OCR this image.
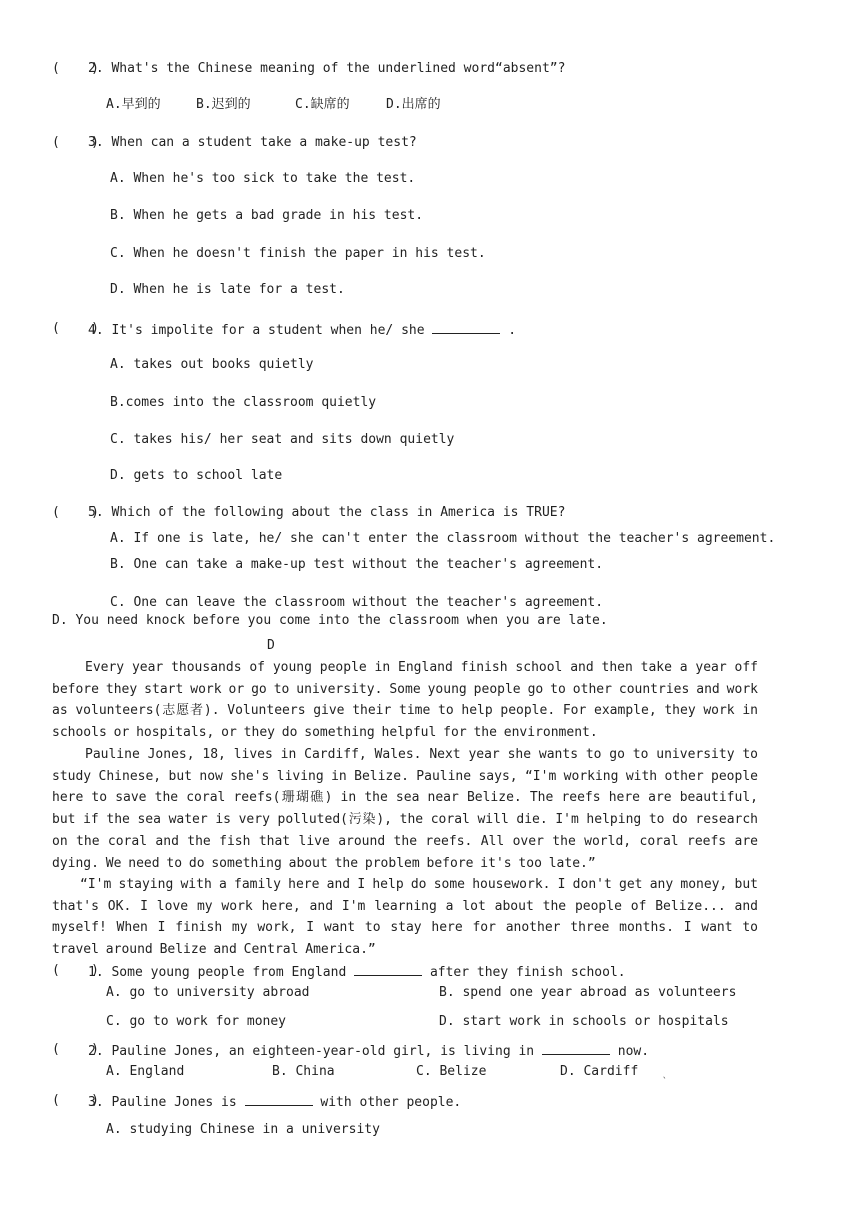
(    )
2. What's the Chinese meaning of the underlined word“absent”?
A.早到的	B.迟到的	C.缺席的	D.出席的
(    )
3. When can a student take a make-up test?
A. When he's too sick to take the test.
B. When he gets a bad grade in his test.
C. When he doesn't finish the paper in his test.
D. When he is late for a test.
(    )
4. It's impolite for a student when he/ she	.
A. takes out books quietly
B.comes into the classroom quietly
C. takes his/ her seat and sits down quietly
D. gets to school late
(    )
5. Which of the following about the class in America is TRUE?
A. If one is late, he/ she can't enter the classroom without the teacher's agreement.
B. One can take a make-up test without the teacher's agreement.
C. One can leave the classroom without the teacher's agreement.
D. You need knock before you come into the classroom when you are late.
D
Every year thousands of young people in England finish school and then take a year off
before they start work or go to university. Some young people go to other countries and work
as volunteers(志愿者). Volunteers give their time to help people. For example, they work in
schools or hospitals, or they do something helpful for the environment.
Pauline Jones, 18, lives in Cardiff, Wales. Next year she wants to go to university to
study Chinese, but now she's living in Belize. Pauline says, “I'm working with other people
here to save the coral reefs(珊瑚礁) in the sea near Belize. The reefs here are beautiful,
but if the sea water is very polluted(污染), the coral will die. I'm helping to do research
on the coral and the fish that live around the reefs. All over the world, coral reefs are
dying. We need to do something about the problem before it's too late.”
“I'm staying with a family here and I help do some housework. I don't get any money, but
that's OK. I love my work here, and I'm learning a lot about the people of Belize... and
myself! When I finish my work, I want to stay here for another three months. I want to
travel around Belize and Central America.”
(    )
1. Some young people from England	after they finish school.
A. go to university abroad	B. spend one year abroad as volunteers
C. go to work for money	D. start work in schools or hospitals
(    )
2. Pauline Jones, an eighteen-year-old girl, is living in	now.
A. England	B. China	C. Belize	D. Cardiff
(    )
3. Pauline Jones is	with other people.
A. studying Chinese in a university
`
